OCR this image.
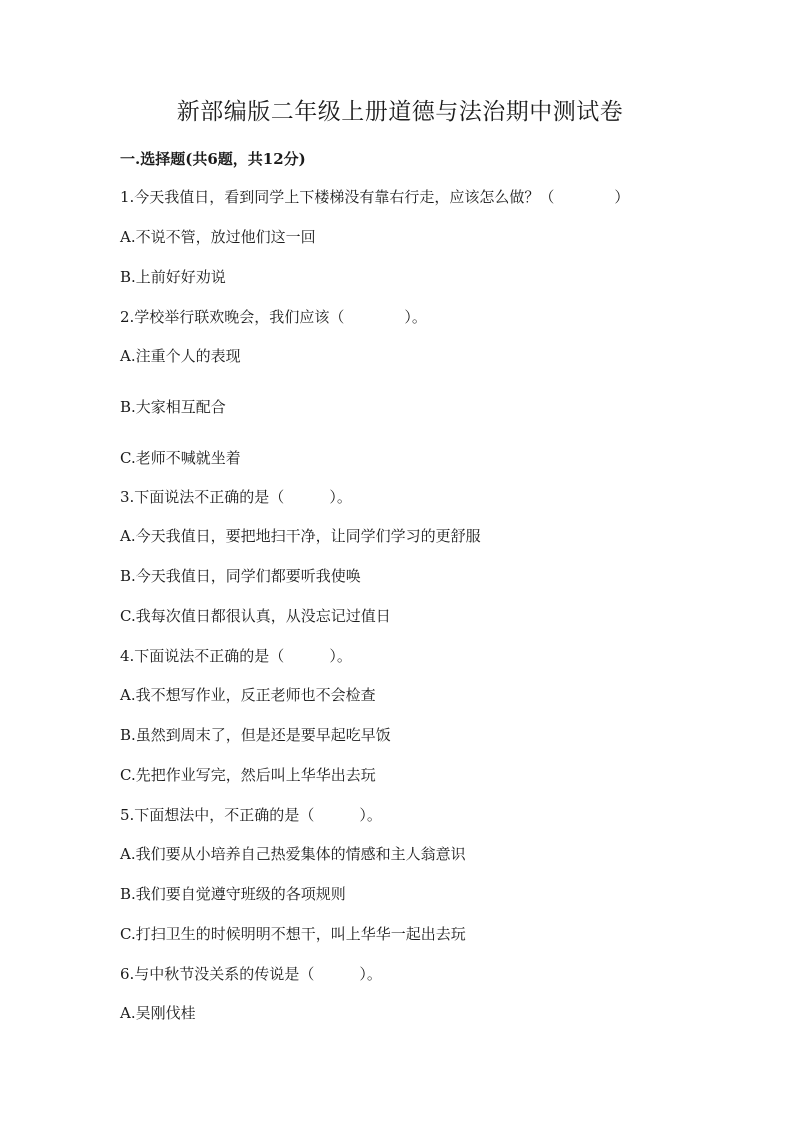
新部编版二年级上册道德与法治期中测试卷
一.选择题(共6题，共12分)
1.今天我值日，看到同学上下楼梯没有靠右行走，应该怎么做？（　　　　）
A.不说不管，放过他们这一回
B.上前好好劝说
2.学校举行联欢晚会，我们应该（　　　　）。
A.注重个人的表现
B.大家相互配合
C.老师不喊就坐着
3.下面说法不正确的是（　　　）。
A.今天我值日，要把地扫干净，让同学们学习的更舒服
B.今天我值日，同学们都要听我使唤
C.我每次值日都很认真，从没忘记过值日
4.下面说法不正确的是（　　　）。
A.我不想写作业，反正老师也不会检查
B.虽然到周末了，但是还是要早起吃早饭
C.先把作业写完，然后叫上华华出去玩
5.下面想法中，不正确的是（　　　）。
A.我们要从小培养自己热爱集体的情感和主人翁意识
B.我们要自觉遵守班级的各项规则
C.打扫卫生的时候明明不想干，叫上华华一起出去玩
6.与中秋节没关系的传说是（　　　）。
A.吴刚伐桂
